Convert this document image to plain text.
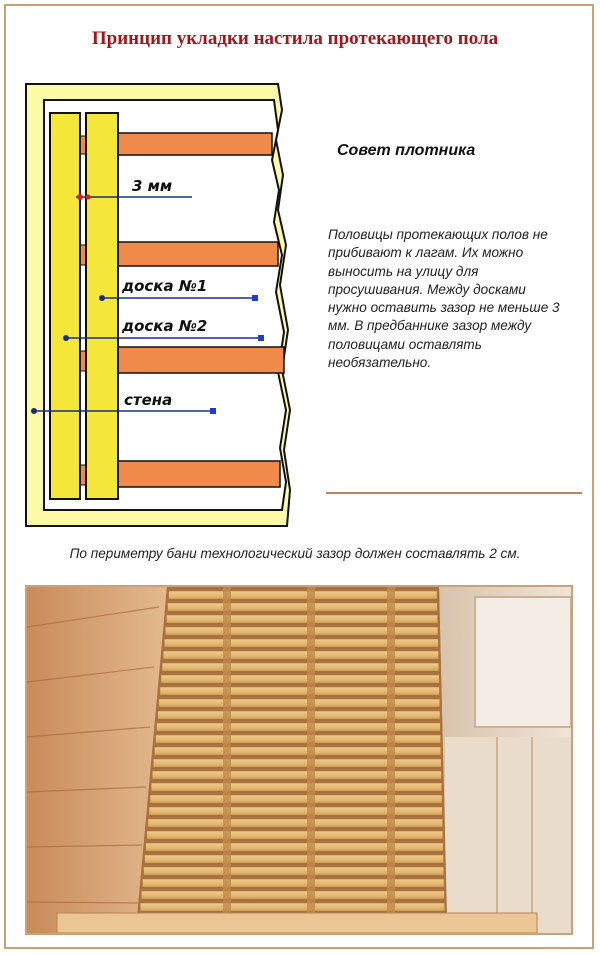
Принцип укладки настила протекающего пола
3 мм
доска №1
доска №2
стена
Совет плотника
Половицы протекающих полов не прибивают к лагам. Их можно выносить на улицу для просушивания. Между досками нужно оставить зазор не меньше 3 мм. В предбаннике зазор между половицами оставлять необязательно.
По периметру бани технологический зазор должен составлять 2 см.
